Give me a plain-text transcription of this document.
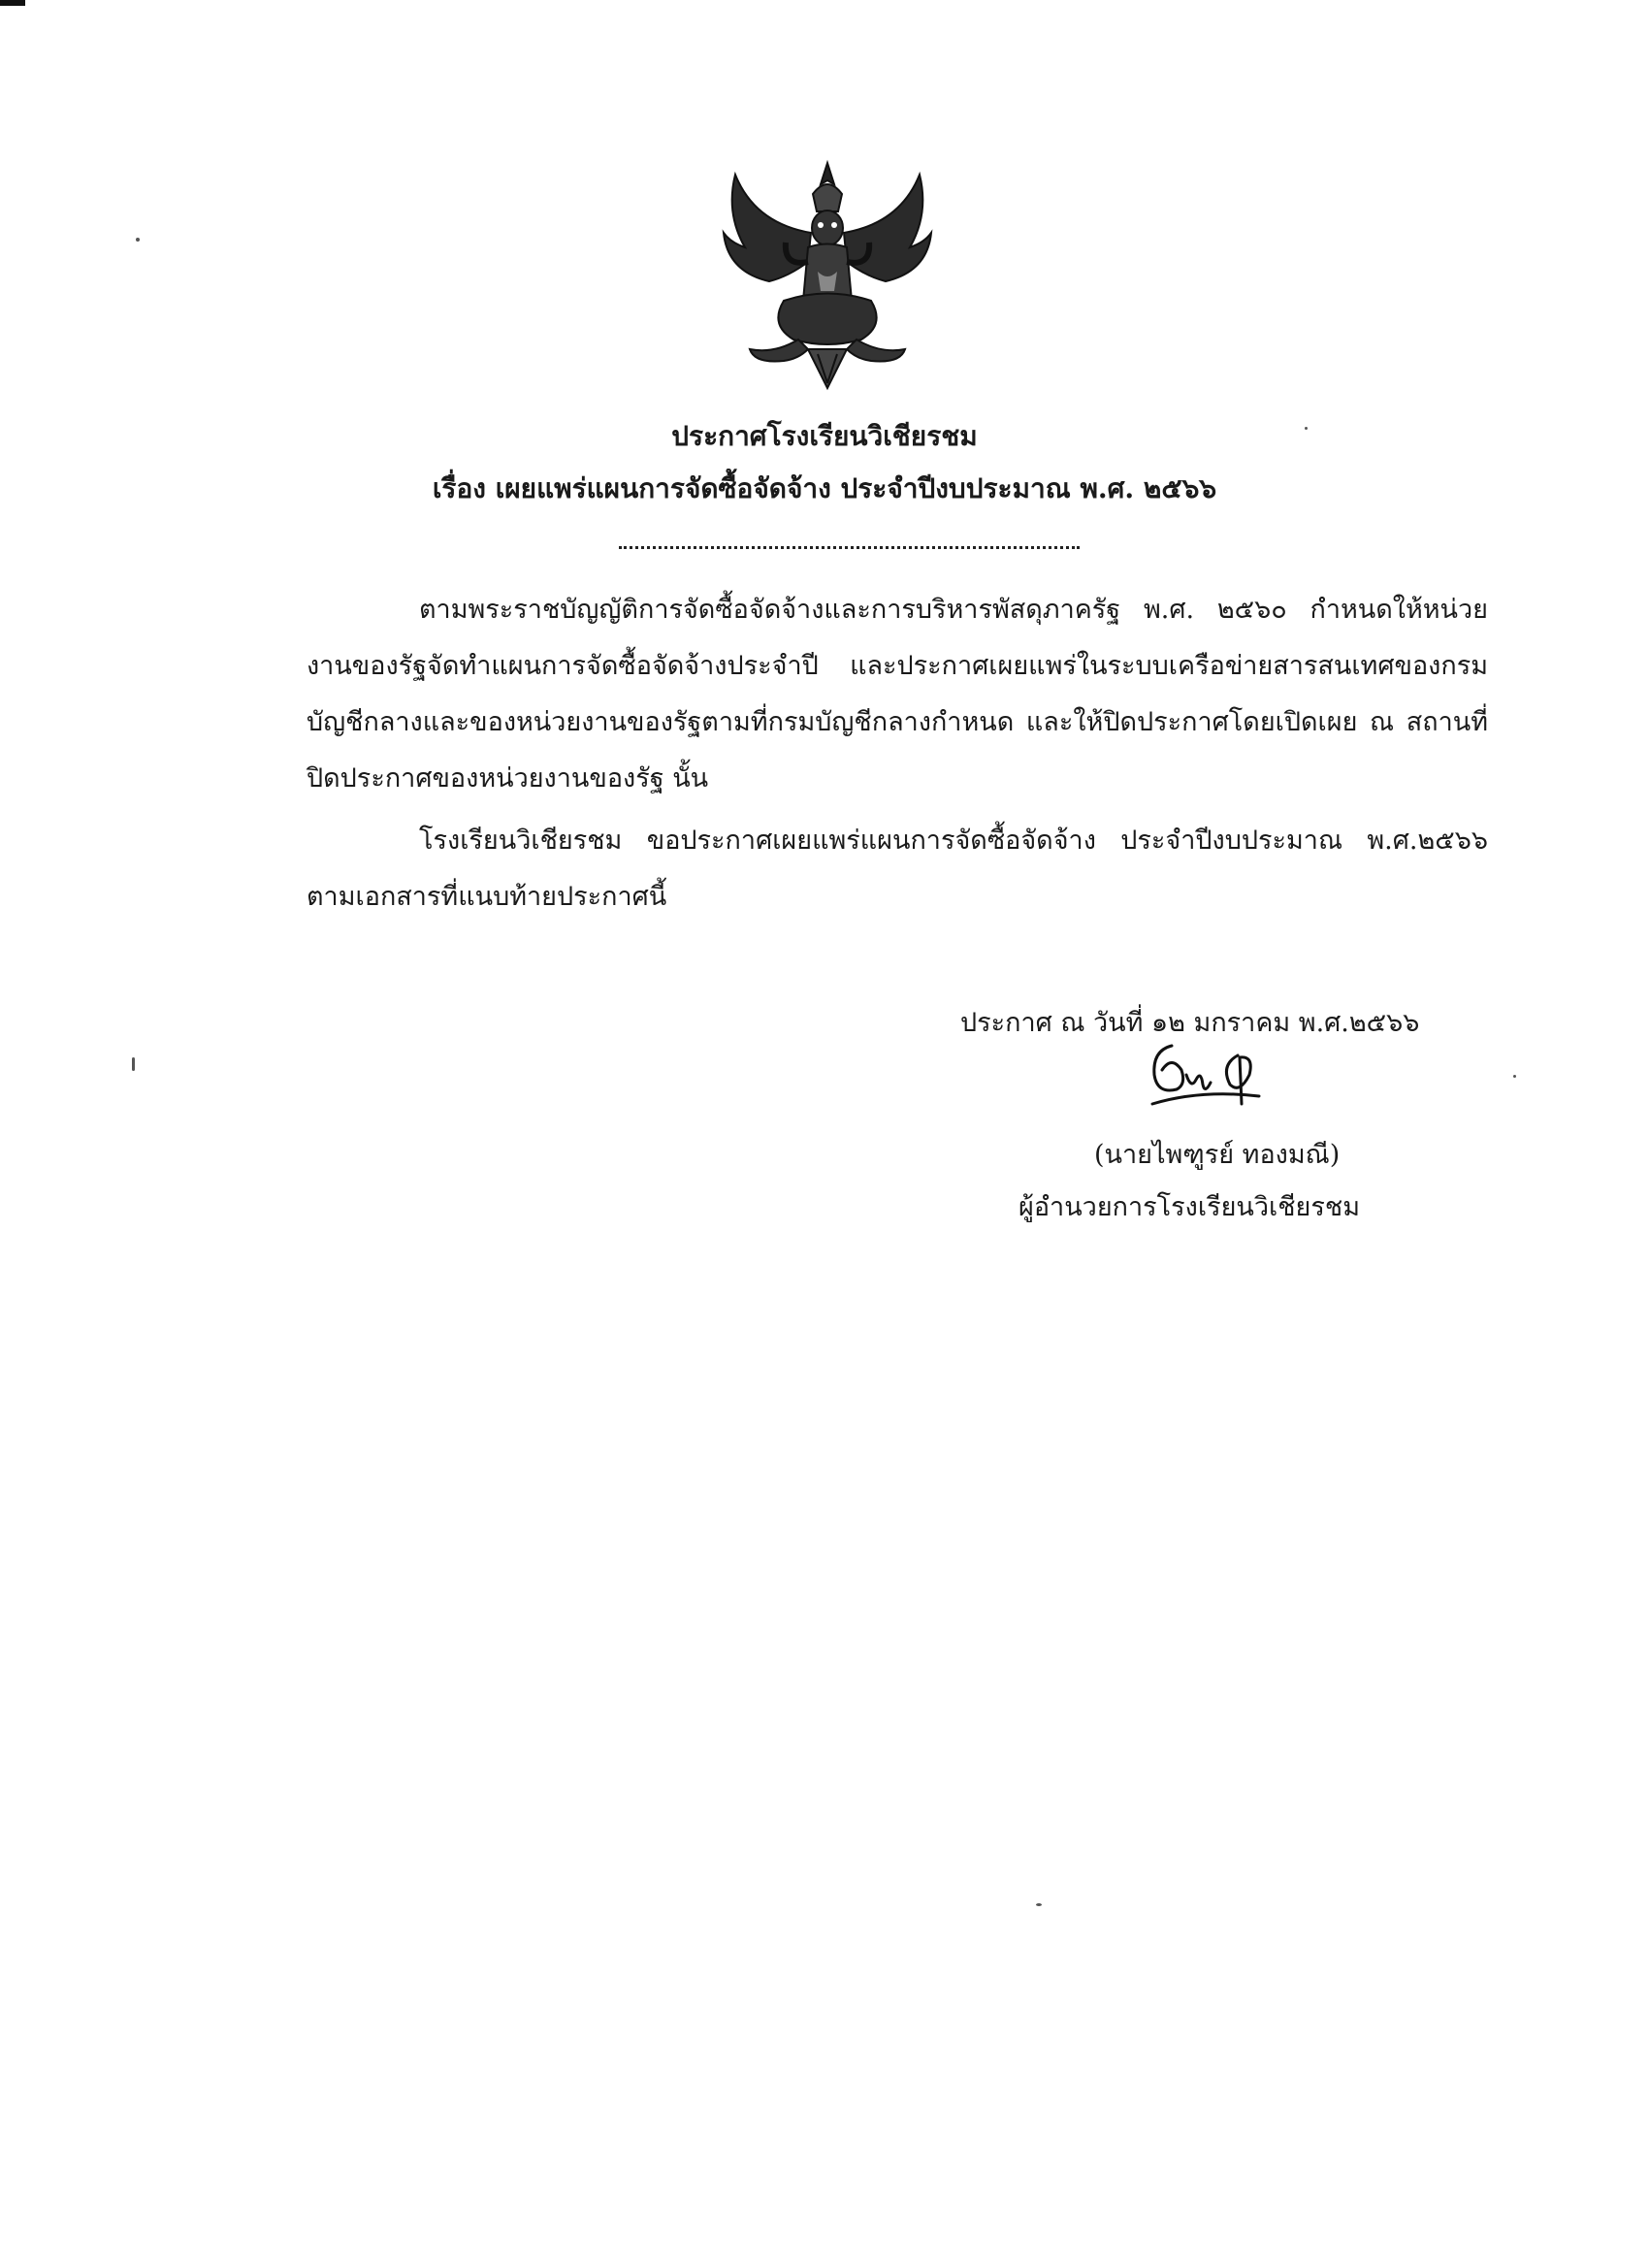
ประกาศโรงเรียนวิเชียรชม
เรื่อง เผยแพร่แผนการจัดซื้อจัดจ้าง ประจำปีงบประมาณ พ.ศ. ๒๕๖๖

ตามพระราชบัญญัติการจัดซื้อจัดจ้างและการบริหารพัสดุภาครัฐ พ.ศ. ๒๕๖๐ กำหนดให้หน่วยงานของรัฐจัดทำแผนการจัดซื้อจัดจ้างประจำปี และประกาศเผยแพร่ในระบบเครือข่ายสารสนเทศของกรมบัญชีกลางและของหน่วยงานของรัฐตามที่กรมบัญชีกลางกำหนด และให้ปิดประกาศโดยเปิดเผย ณ สถานที่ปิดประกาศของหน่วยงานของรัฐ นั้น

โรงเรียนวิเชียรชม ขอประกาศเผยแพร่แผนการจัดซื้อจัดจ้าง ประจำปีงบประมาณ พ.ศ.๒๕๖๖ ตามเอกสารที่แนบท้ายประกาศนี้

ประกาศ ณ วันที่ ๑๒ มกราคม พ.ศ.๒๕๖๖
(นายไพฑูรย์ ทองมณี)
ผู้อำนวยการโรงเรียนวิเชียรชม
